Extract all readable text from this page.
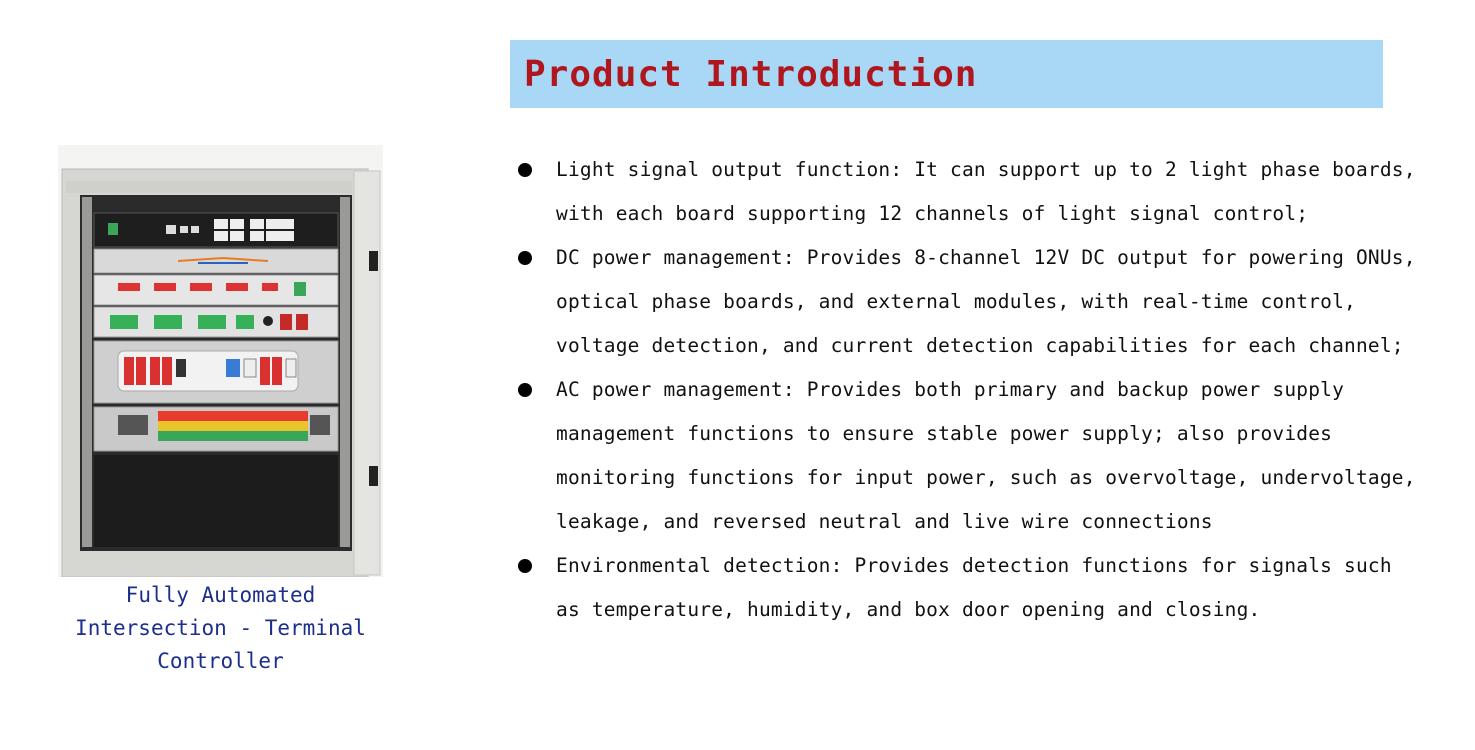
Fully Automated Intersection - Terminal Controller
Product Introduction
Light signal output function: It can support up to 2 light phase boards, with each board supporting 12 channels of light signal control;
DC power management: Provides 8-channel 12V DC output for powering ONUs, optical phase boards, and external modules, with real-time control, voltage detection, and current detection capabilities for each channel;
AC power management: Provides both primary and backup power supply management functions to ensure stable power supply; also provides monitoring functions for input power, such as overvoltage, undervoltage, leakage, and reversed neutral and live wire connections
Environmental detection: Provides detection functions for signals such as temperature, humidity, and box door opening and closing.
